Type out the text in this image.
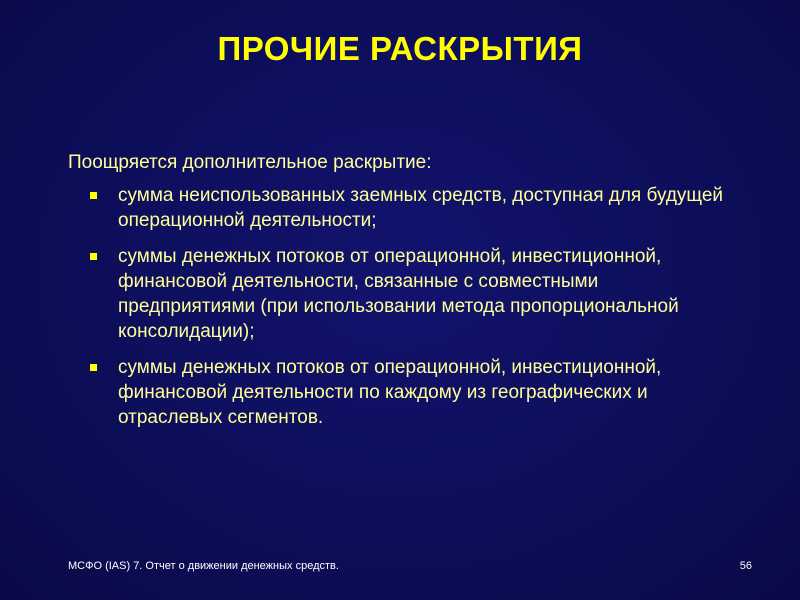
ПРОЧИЕ РАСКРЫТИЯ

Поощряется дополнительное раскрытие:

сумма неиспользованных заемных средств, доступная для будущей операционной деятельности;
суммы денежных потоков от операционной, инвестиционной, финансовой деятельности, связанные с совместными предприятиями (при использовании метода пропорциональной консолидации);
суммы денежных потоков от операционной, инвестиционной, финансовой деятельности по каждому из географических и отраслевых сегментов.
МСФО (IAS) 7. Отчет о движении денежных средств.	56
